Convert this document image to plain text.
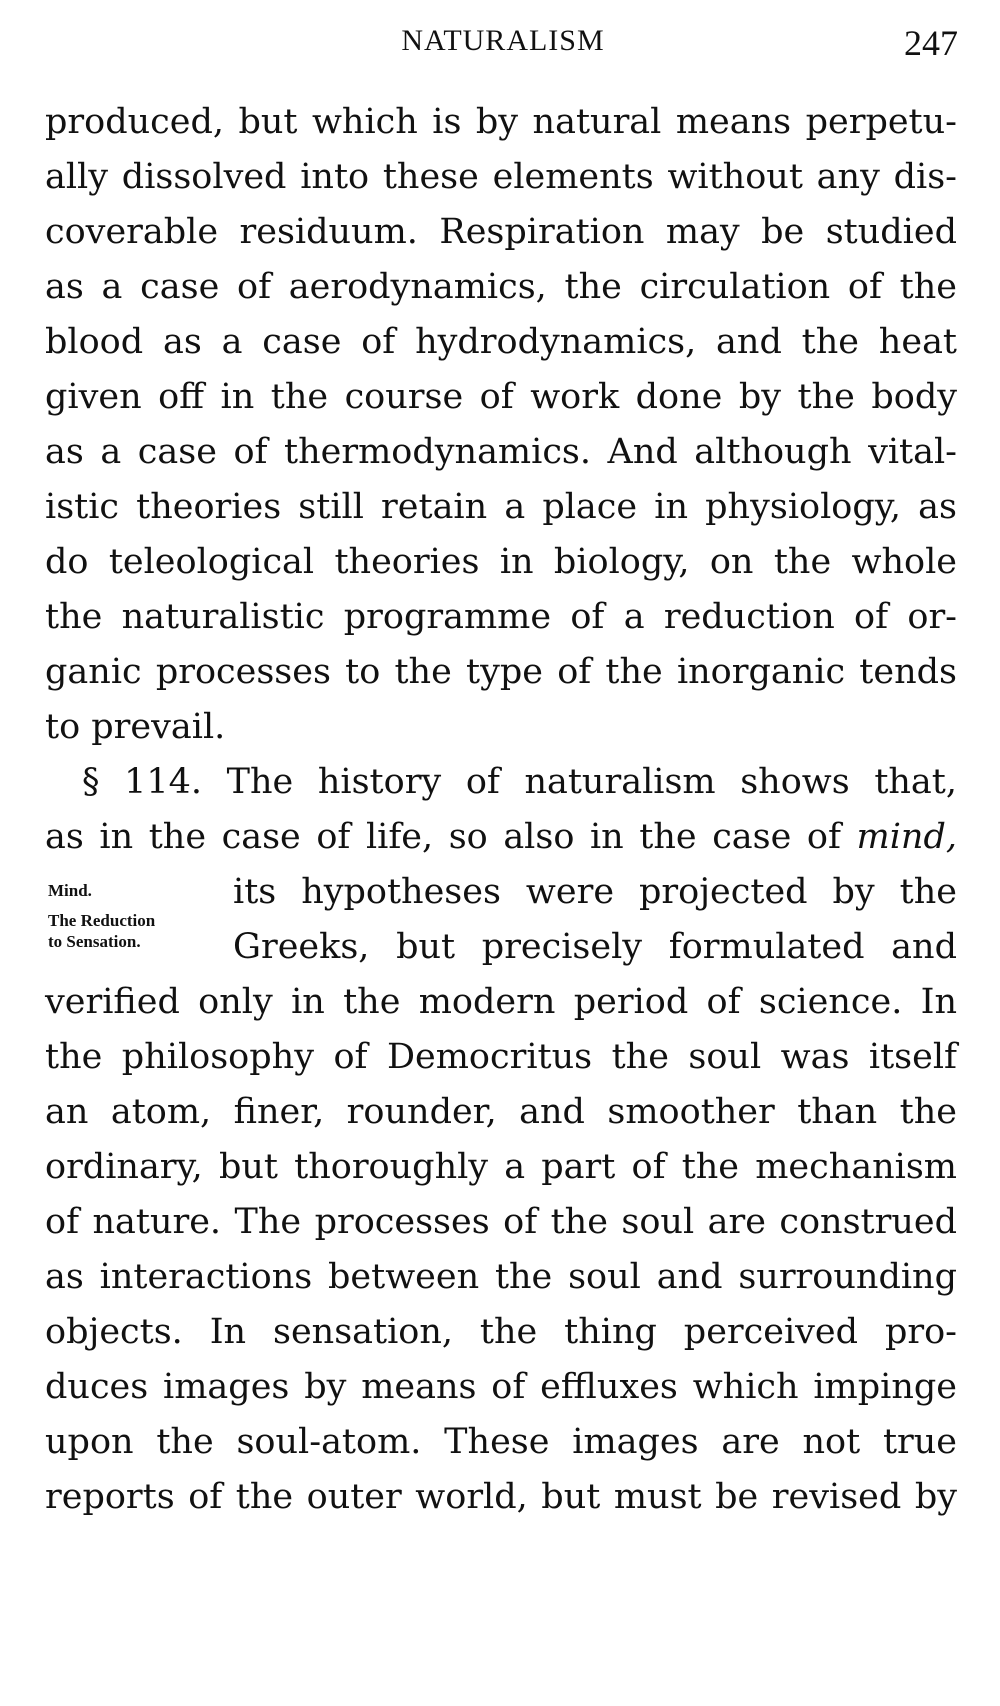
NATURALISM	247
produced, but which is by natural means perpetu-
ally dissolved into these elements without any dis-
coverable residuum. Respiration may be studied
as a case of aerodynamics, the circulation of the
blood as a case of hydrodynamics, and the heat
given off in the course of work done by the body
as a case of thermodynamics. And although vital-
istic theories still retain a place in physiology, as
do teleological theories in biology, on the whole
the naturalistic programme of a reduction of or-
ganic processes to the type of the inorganic tends
to prevail.
§ 114. The history of naturalism shows that,
as in the case of life, so also in the case of mind,
its hypotheses were projected by the
Greeks, but precisely formulated and
verified only in the modern period of science. In
the philosophy of Democritus the soul was itself
an atom, finer, rounder, and smoother than the
ordinary, but thoroughly a part of the mechanism
of nature. The processes of the soul are construed
as interactions between the soul and surrounding
objects. In sensation, the thing perceived pro-
duces images by means of effluxes which impinge
upon the soul-atom. These images are not true
reports of the outer world, but must be revised by
Mind.
The Reduction
to Sensation.
